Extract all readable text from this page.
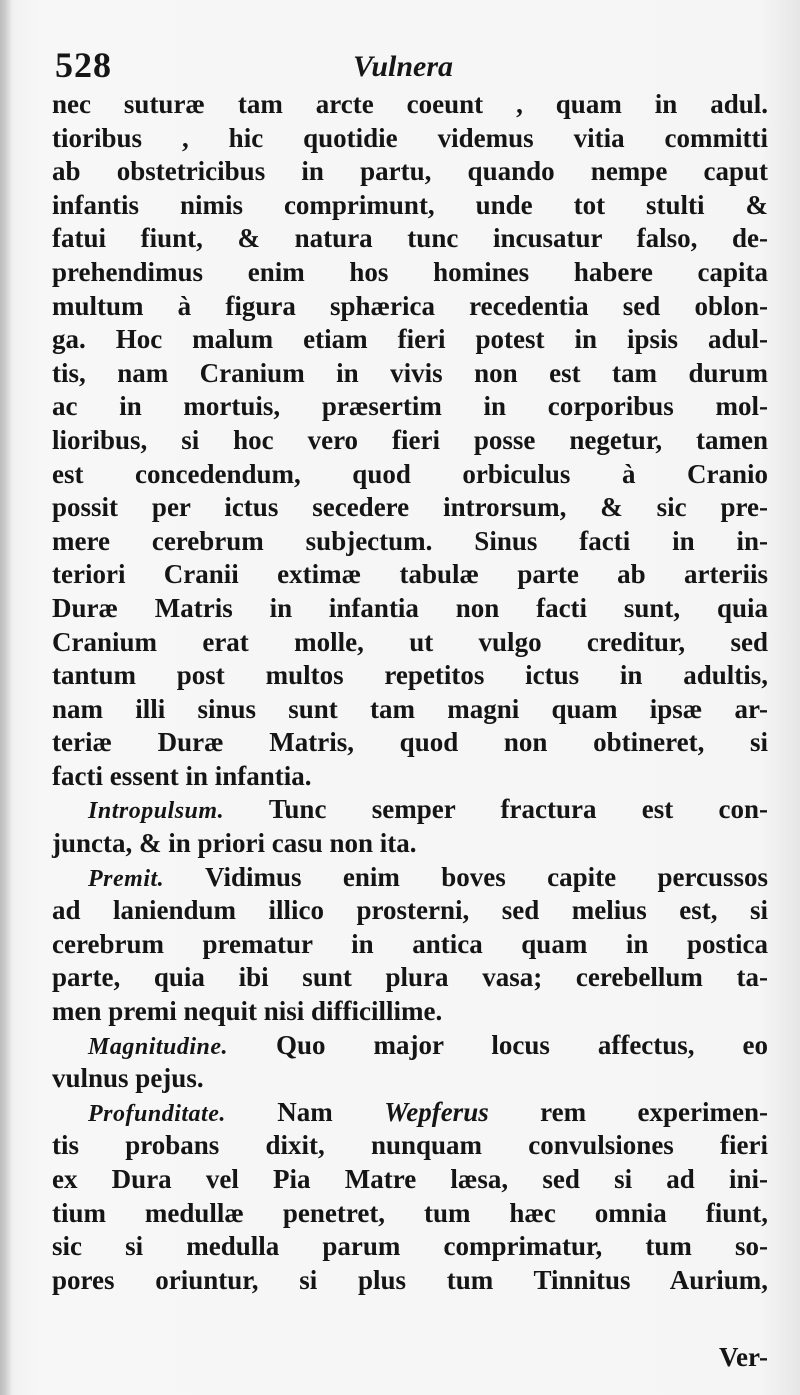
528	Vulnera
nec suturæ tam arcte coeunt , quam in adul.
tioribus , hic quotidie videmus vitia committi
ab obstetricibus in partu, quando nempe caput
infantis nimis comprimunt, unde tot stulti &
fatui fiunt, & natura tunc incusatur falso, de-
prehendimus enim hos homines habere capita
multum à figura sphærica recedentia sed oblon-
ga. Hoc malum etiam fieri potest in ipsis adul-
tis, nam Cranium in vivis non est tam durum
ac in mortuis, præsertim in corporibus mol-
lioribus, si hoc vero fieri posse negetur, tamen
est concedendum, quod orbiculus à Cranio
possit per ictus secedere introrsum, & sic pre-
mere cerebrum subjectum. Sinus facti in in-
teriori Cranii extimæ tabulæ parte ab arteriis
Duræ Matris in infantia non facti sunt, quia
Cranium erat molle, ut vulgo creditur, sed
tantum post multos repetitos ictus in adultis,
nam illi sinus sunt tam magni quam ipsæ ar-
teriæ Duræ Matris, quod non obtineret, si
facti essent in infantia.
Intropulsum. Tunc semper fractura est con-
juncta, & in priori casu non ita.
Premit. Vidimus enim boves capite percussos
ad laniendum illico prosterni, sed melius est, si
cerebrum prematur in antica quam in postica
parte, quia ibi sunt plura vasa; cerebellum ta-
men premi nequit nisi difficillime.
Magnitudine. Quo major locus affectus, eo
vulnus pejus.
Profunditate. Nam Wepferus rem experimen-
tis probans dixit, nunquam convulsiones fieri
ex Dura vel Pia Matre læsa, sed si ad ini-
tium medullæ penetret, tum hæc omnia fiunt,
sic si medulla parum comprimatur, tum so-
pores oriuntur, si plus tum Tinnitus Aurium,
Ver-
